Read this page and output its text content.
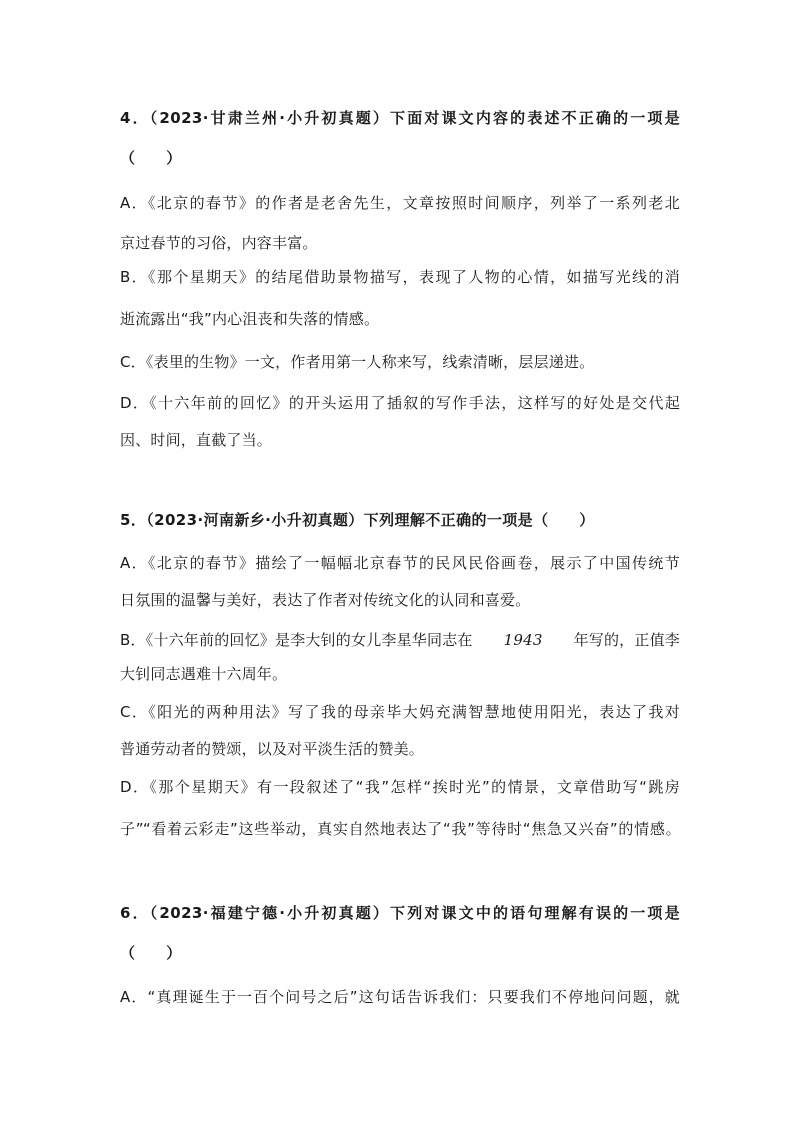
4．（2023·甘肃兰州·小升初真题）下面对课文内容的表述不正确的一项是
（　　）
A．《北京的春节》的作者是老舍先生，文章按照时间顺序，列举了一系列老北
京过春节的习俗，内容丰富。
B．《那个星期天》的结尾借助景物描写，表现了人物的心情，如描写光线的消
逝流露出“我”内心沮丧和失落的情感。
C．《表里的生物》一文，作者用第一人称来写，线索清晰，层层递进。
D．《十六年前的回忆》的开头运用了插叙的写作手法，这样写的好处是交代起
因、时间，直截了当。
5．（2023·河南新乡·小升初真题）下列理解不正确的一项是（　　）
A．《北京的春节》描绘了一幅幅北京春节的民风民俗画卷，展示了中国传统节
日氛围的温馨与美好，表达了作者对传统文化的认同和喜爱。
B．《十六年前的回忆》是李大钊的女儿李星华同志在 1943 年写的，正值李
大钊同志遇难十六周年。
C．《阳光的两种用法》写了我的母亲毕大妈充满智慧地使用阳光，表达了我对
普通劳动者的赞颂，以及对平淡生活的赞美。
D．《那个星期天》有一段叙述了“我”怎样“挨时光”的情景，文章借助写“跳房
子”“看着云彩走”这些举动，真实自然地表达了“我”等待时“焦急又兴奋”的情感。
6．（2023·福建宁德·小升初真题）下列对课文中的语句理解有误的一项是
（　　）
A．“真理诞生于一百个问号之后”这句话告诉我们：只要我们不停地问问题，就
